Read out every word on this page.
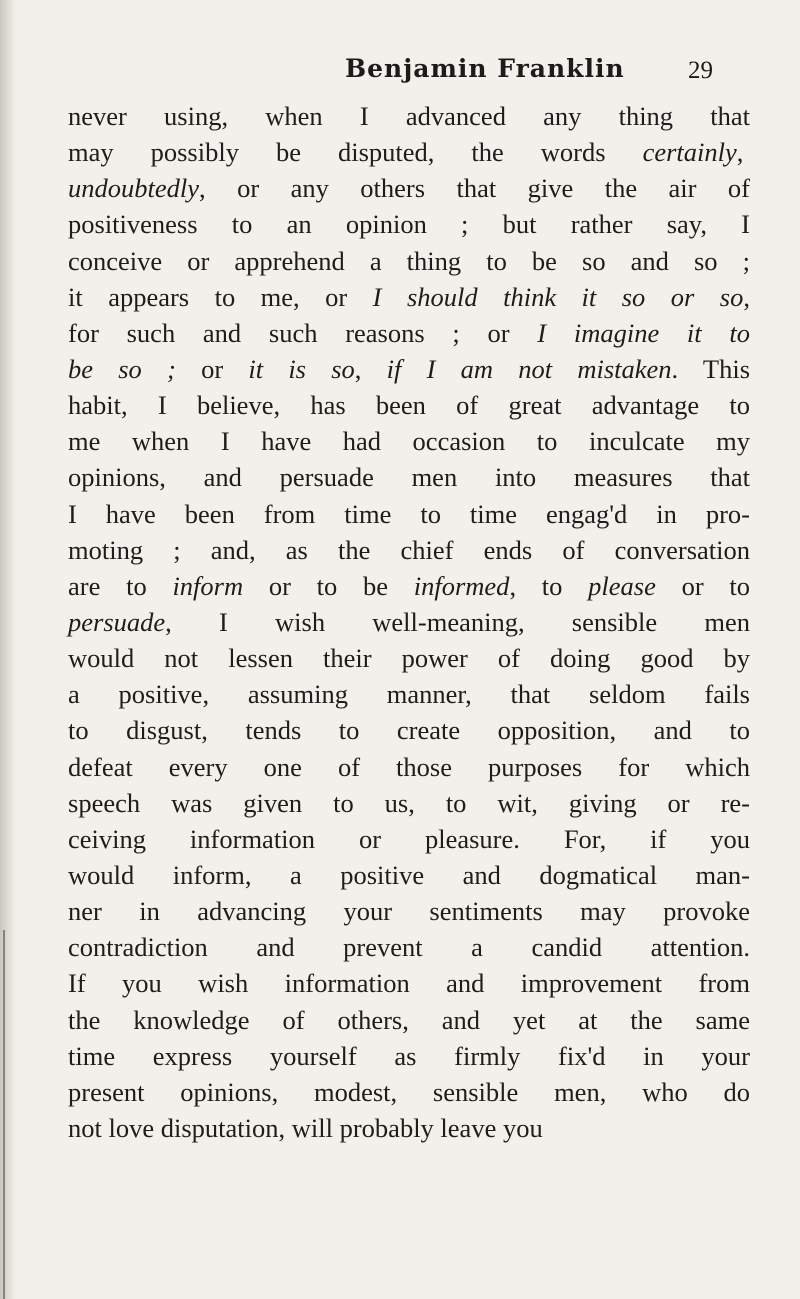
Benjamin Franklin	29
never using, when I advanced any thing that
may possibly be disputed, the words certainly,
undoubtedly, or any others that give the air of
positiveness to an opinion ; but rather say, I
conceive or apprehend a thing to be so and so ;
it appears to me, or I should think it so or so,
for such and such reasons ; or I imagine it to
be so ; or it is so, if I am not mistaken. This
habit, I believe, has been of great advantage to
me when I have had occasion to inculcate my
opinions, and persuade men into measures that
I have been from time to time engag'd in pro-
moting ; and, as the chief ends of conversation
are to inform or to be informed, to please or to
persuade, I wish well-meaning, sensible men
would not lessen their power of doing good by
a positive, assuming manner, that seldom fails
to disgust, tends to create opposition, and to
defeat every one of those purposes for which
speech was given to us, to wit, giving or re-
ceiving information or pleasure. For, if you
would inform, a positive and dogmatical man-
ner in advancing your sentiments may provoke
contradiction and prevent a candid attention.
If you wish information and improvement from
the knowledge of others, and yet at the same
time express yourself as firmly fix'd in your
present opinions, modest, sensible men, who do
not love disputation, will probably leave you
